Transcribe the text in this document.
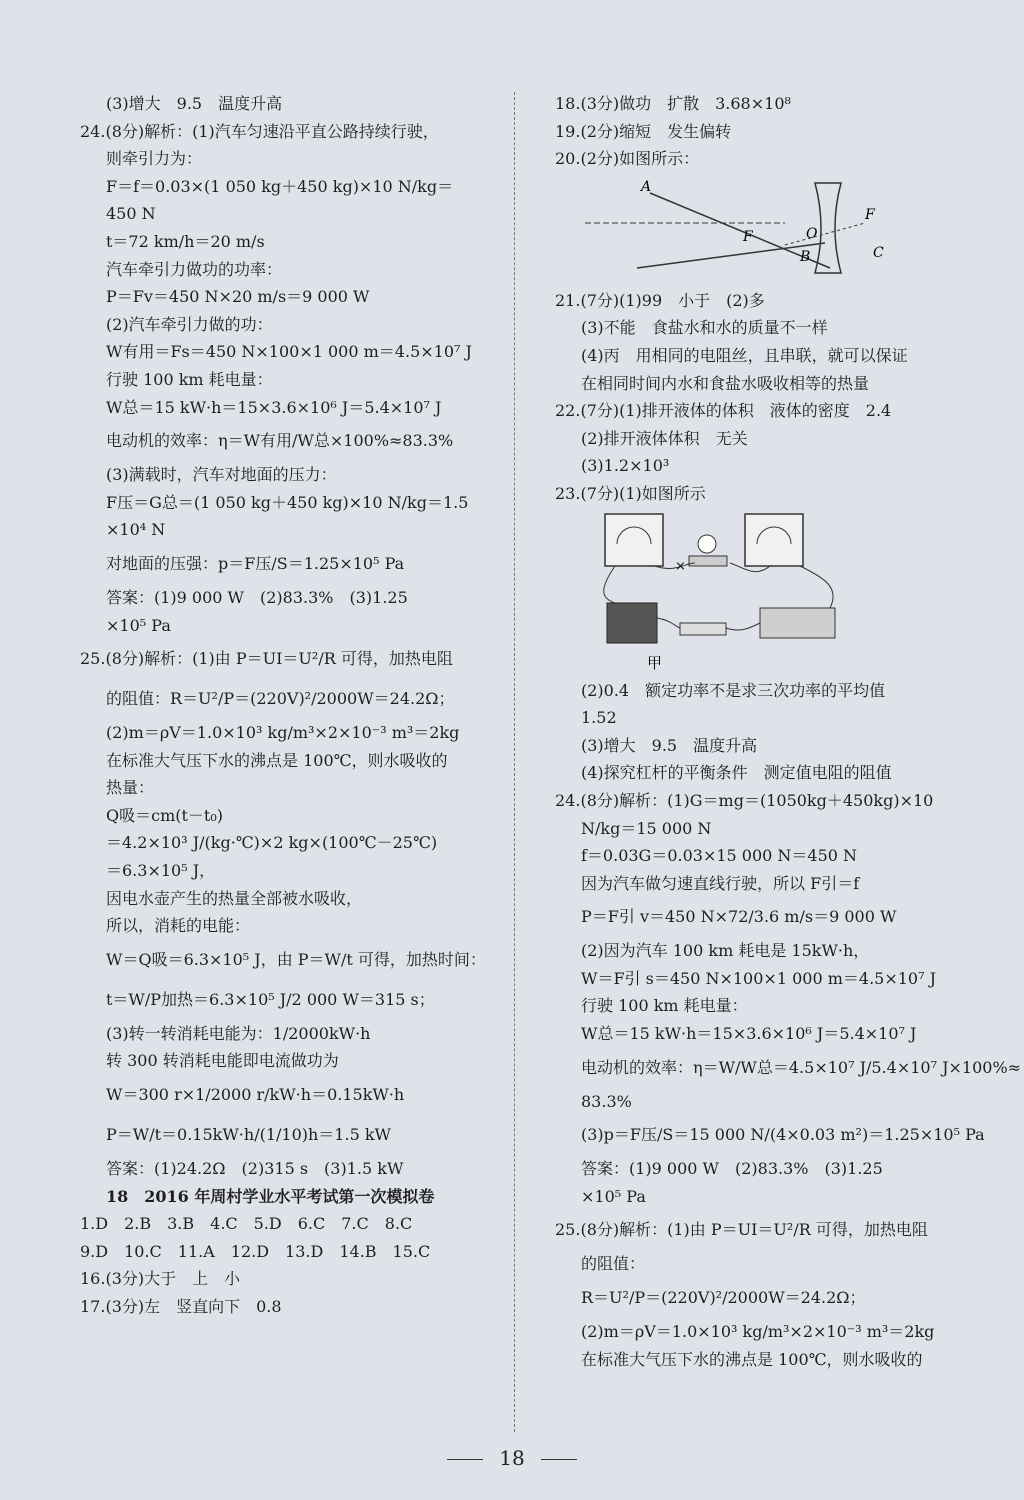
(3)增大　9.5　温度升高
24.(8分)解析：(1)汽车匀速沿平直公路持续行驶，
则牵引力为：
F＝f＝0.03×(1 050 kg＋450 kg)×10 N/kg＝
450 N
t＝72 km/h＝20 m/s
汽车牵引力做功的功率：
P＝Fv＝450 N×20 m/s＝9 000 W
(2)汽车牵引力做的功：
W有用＝Fs＝450 N×100×1 000 m＝4.5×10⁷ J
行驶 100 km 耗电量：
W总＝15 kW·h＝15×3.6×10⁶ J＝5.4×10⁷ J
电动机的效率：η＝W有用/W总×100%≈83.3%
(3)满载时，汽车对地面的压力：
F压＝G总＝(1 050 kg＋450 kg)×10 N/kg＝1.5
×10⁴ N
对地面的压强：p＝F压/S＝1.25×10⁵ Pa
答案：(1)9 000 W　(2)83.3%　(3)1.25
×10⁵ Pa
25.(8分)解析：(1)由 P＝UI＝U²/R 可得，加热电阻
的阻值：R＝U²/P＝(220V)²/2000W＝24.2Ω；
(2)m＝ρV＝1.0×10³ kg/m³×2×10⁻³ m³＝2kg
在标准大气压下水的沸点是 100℃，则水吸收的
热量：
Q吸＝cm(t－t₀)
＝4.2×10³ J/(kg·℃)×2 kg×(100℃－25℃)
＝6.3×10⁵ J，
因电水壶产生的热量全部被水吸收，
所以，消耗的电能：
W＝Q吸＝6.3×10⁵ J，由 P＝W/t 可得，加热时间：
t＝W/P加热＝6.3×10⁵ J/2 000 W＝315 s；
(3)转一转消耗电能为：1/2000kW·h
转 300 转消耗电能即电流做功为
W＝300 r×1/2000 r/kW·h＝0.15kW·h
P＝W/t＝0.15kW·h/(1/10)h＝1.5 kW
答案：(1)24.2Ω　(2)315 s　(3)1.5 kW
18　2016 年周村学业水平考试第一次模拟卷
1.D　2.B　3.B　4.C　5.D　6.C　7.C　8.C
9.D　10.C　11.A　12.D　13.D　14.B　15.C
16.(3分)大于　上　小
17.(3分)左　竖直向下　0.8
18.(3分)做功　扩散　3.68×10⁸
19.(2分)缩短　发生偏转
20.(2分)如图所示：
A
O
F
F
B	C
21.(7分)(1)99　小于　(2)多
(3)不能　食盐水和水的质量不一样
(4)丙　用相同的电阻丝，且串联，就可以保证
在相同时间内水和食盐水吸收相等的热量
22.(7分)(1)排开液体的体积　液体的密度　2.4
(2)排开液体体积　无关
(3)1.2×10³
23.(7分)(1)如图所示
×
甲
(2)0.4　额定功率不是求三次功率的平均值
1.52
(3)增大　9.5　温度升高
(4)探究杠杆的平衡条件　测定值电阻的阻值
24.(8分)解析：(1)G＝mg＝(1050kg＋450kg)×10
N/kg＝15 000 N
f＝0.03G＝0.03×15 000 N＝450 N
因为汽车做匀速直线行驶，所以 F引＝f
P＝F引 v＝450 N×72/3.6 m/s＝9 000 W
(2)因为汽车 100 km 耗电是 15kW·h，
W＝F引 s＝450 N×100×1 000 m＝4.5×10⁷ J
行驶 100 km 耗电量：
W总＝15 kW·h＝15×3.6×10⁶ J＝5.4×10⁷ J
电动机的效率：η＝W/W总＝4.5×10⁷ J/5.4×10⁷ J×100%≈
83.3%
(3)p＝F压/S＝15 000 N/(4×0.03 m²)＝1.25×10⁵ Pa
答案：(1)9 000 W　(2)83.3%　(3)1.25
×10⁵ Pa
25.(8分)解析：(1)由 P＝UI＝U²/R 可得，加热电阻
的阻值：
R＝U²/P＝(220V)²/2000W＝24.2Ω；
(2)m＝ρV＝1.0×10³ kg/m³×2×10⁻³ m³＝2kg
在标准大气压下水的沸点是 100℃，则水吸收的
18
